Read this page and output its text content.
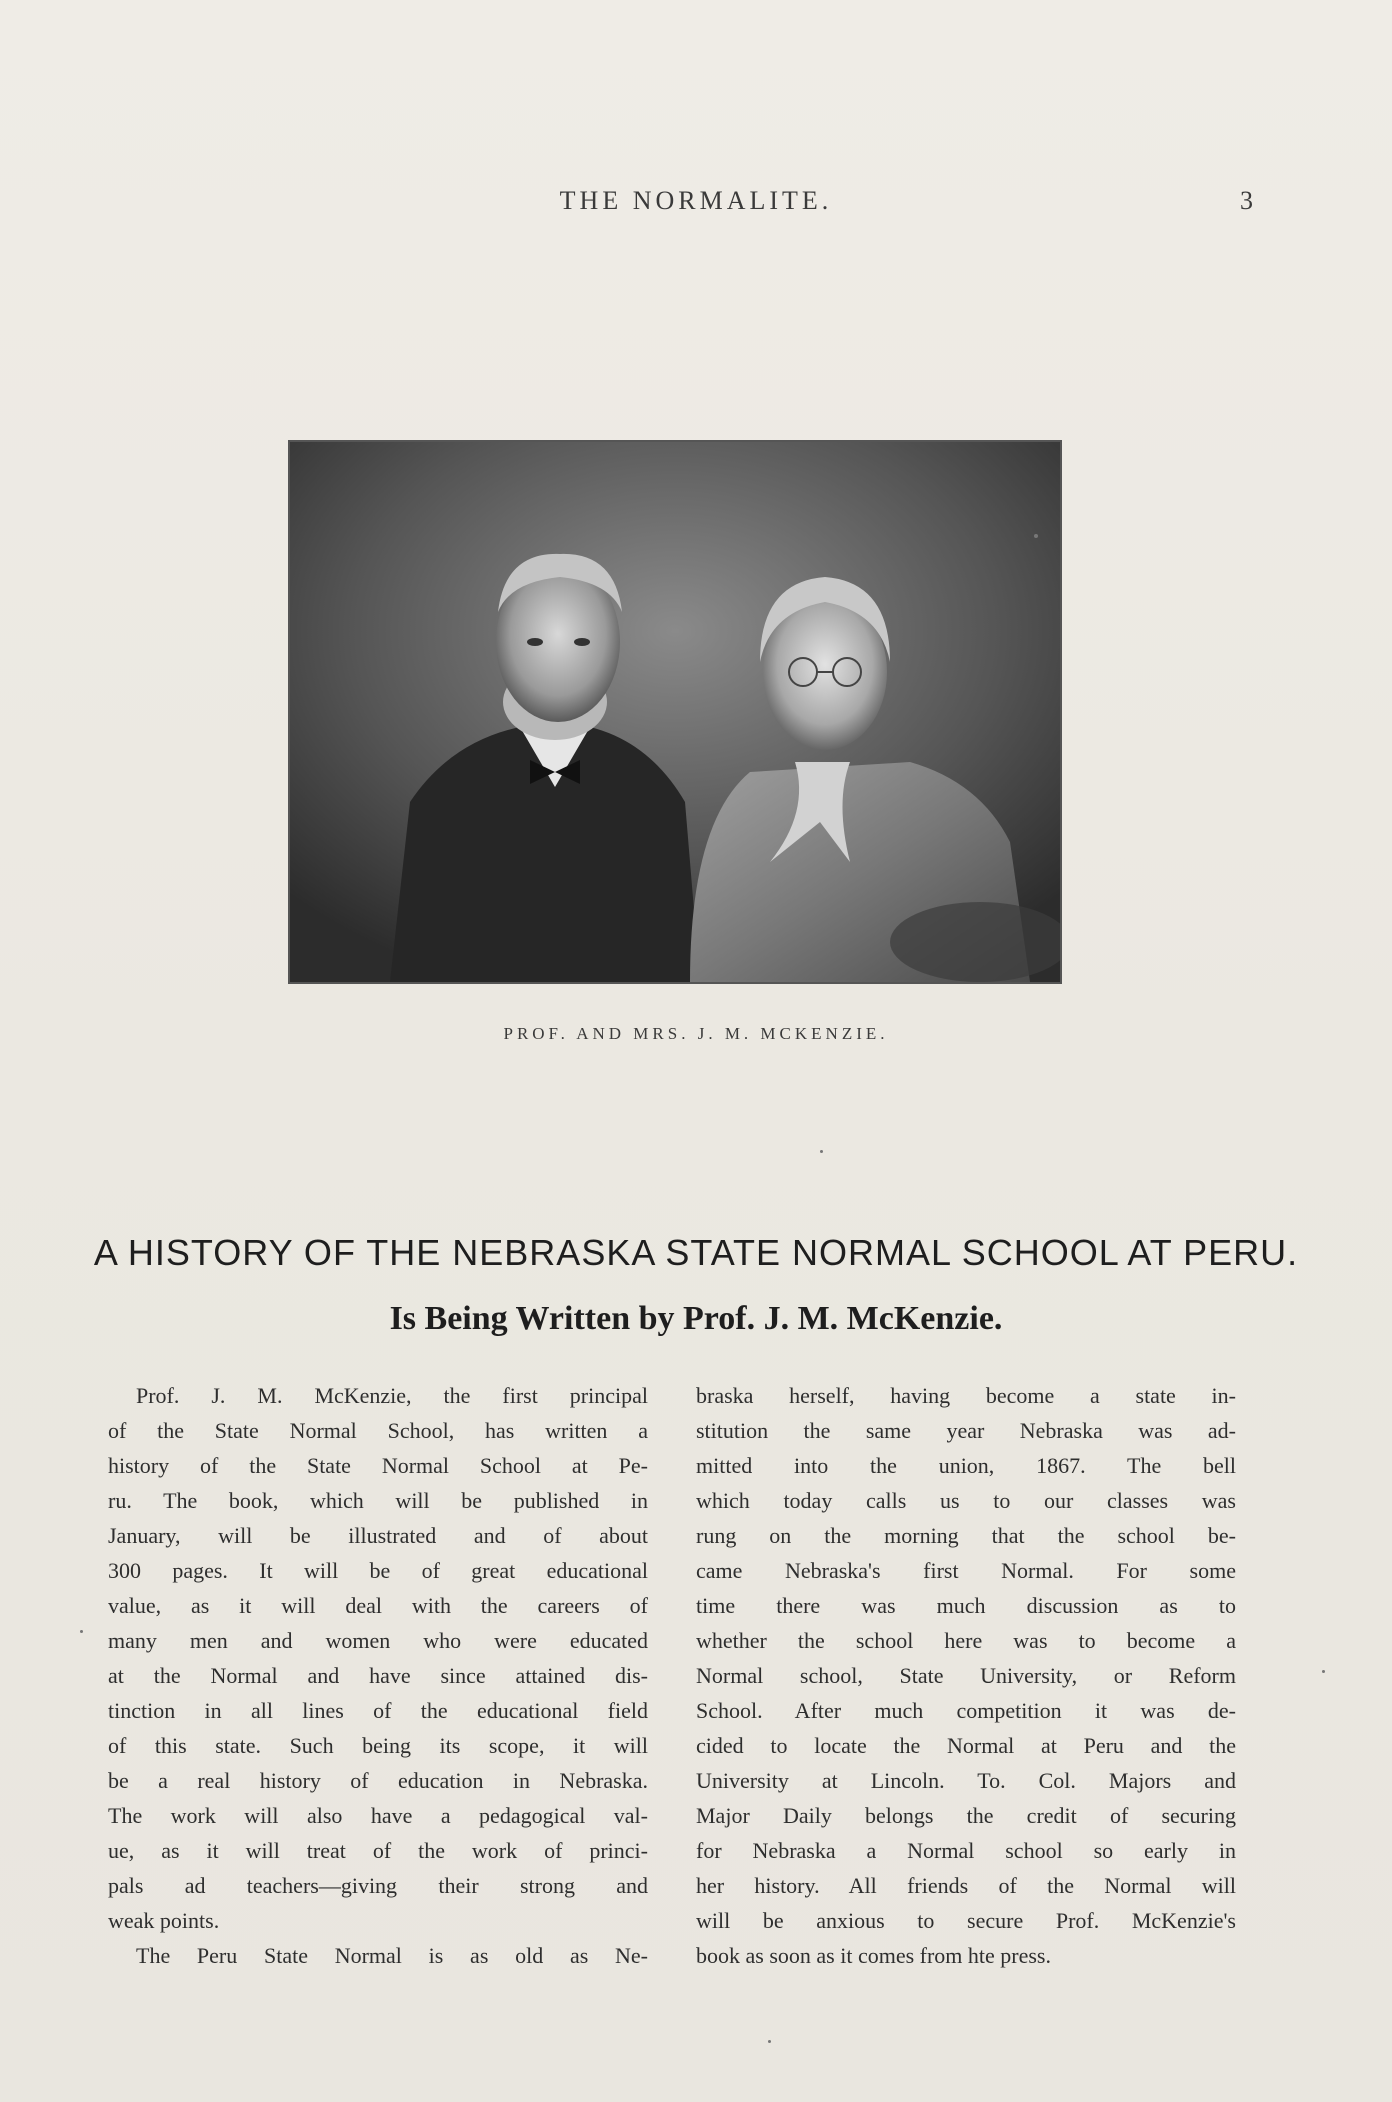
THE NORMALITE.	3
PROF. AND MRS. J. M. MCKENZIE.
A HISTORY OF THE NEBRASKA STATE NORMAL SCHOOL AT PERU.
Is Being Written by Prof. J. M. McKenzie.
Prof. J. M. McKenzie, the first principal
of the State Normal School, has written a
history of the State Normal School at Pe-
ru. The book, which will be published in
January, will be illustrated and of about
300 pages. It will be of great educational
value, as it will deal with the careers of
many men and women who were educated
at the Normal and have since attained dis-
tinction in all lines of the educational field
of this state. Such being its scope, it will
be a real history of education in Nebraska.
The work will also have a pedagogical val-
ue, as it will treat of the work of princi-
pals ad teachers—giving their strong and
weak points.
The Peru State Normal is as old as Ne-
braska herself, having become a state in-
stitution the same year Nebraska was ad-
mitted into the union, 1867. The bell
which today calls us to our classes was
rung on the morning that the school be-
came Nebraska's first Normal. For some
time there was much discussion as to
whether the school here was to become a
Normal school, State University, or Reform
School. After much competition it was de-
cided to locate the Normal at Peru and the
University at Lincoln. To. Col. Majors and
Major Daily belongs the credit of securing
for Nebraska a Normal school so early in
her history. All friends of the Normal will
will be anxious to secure Prof. McKenzie's
book as soon as it comes from hte press.
